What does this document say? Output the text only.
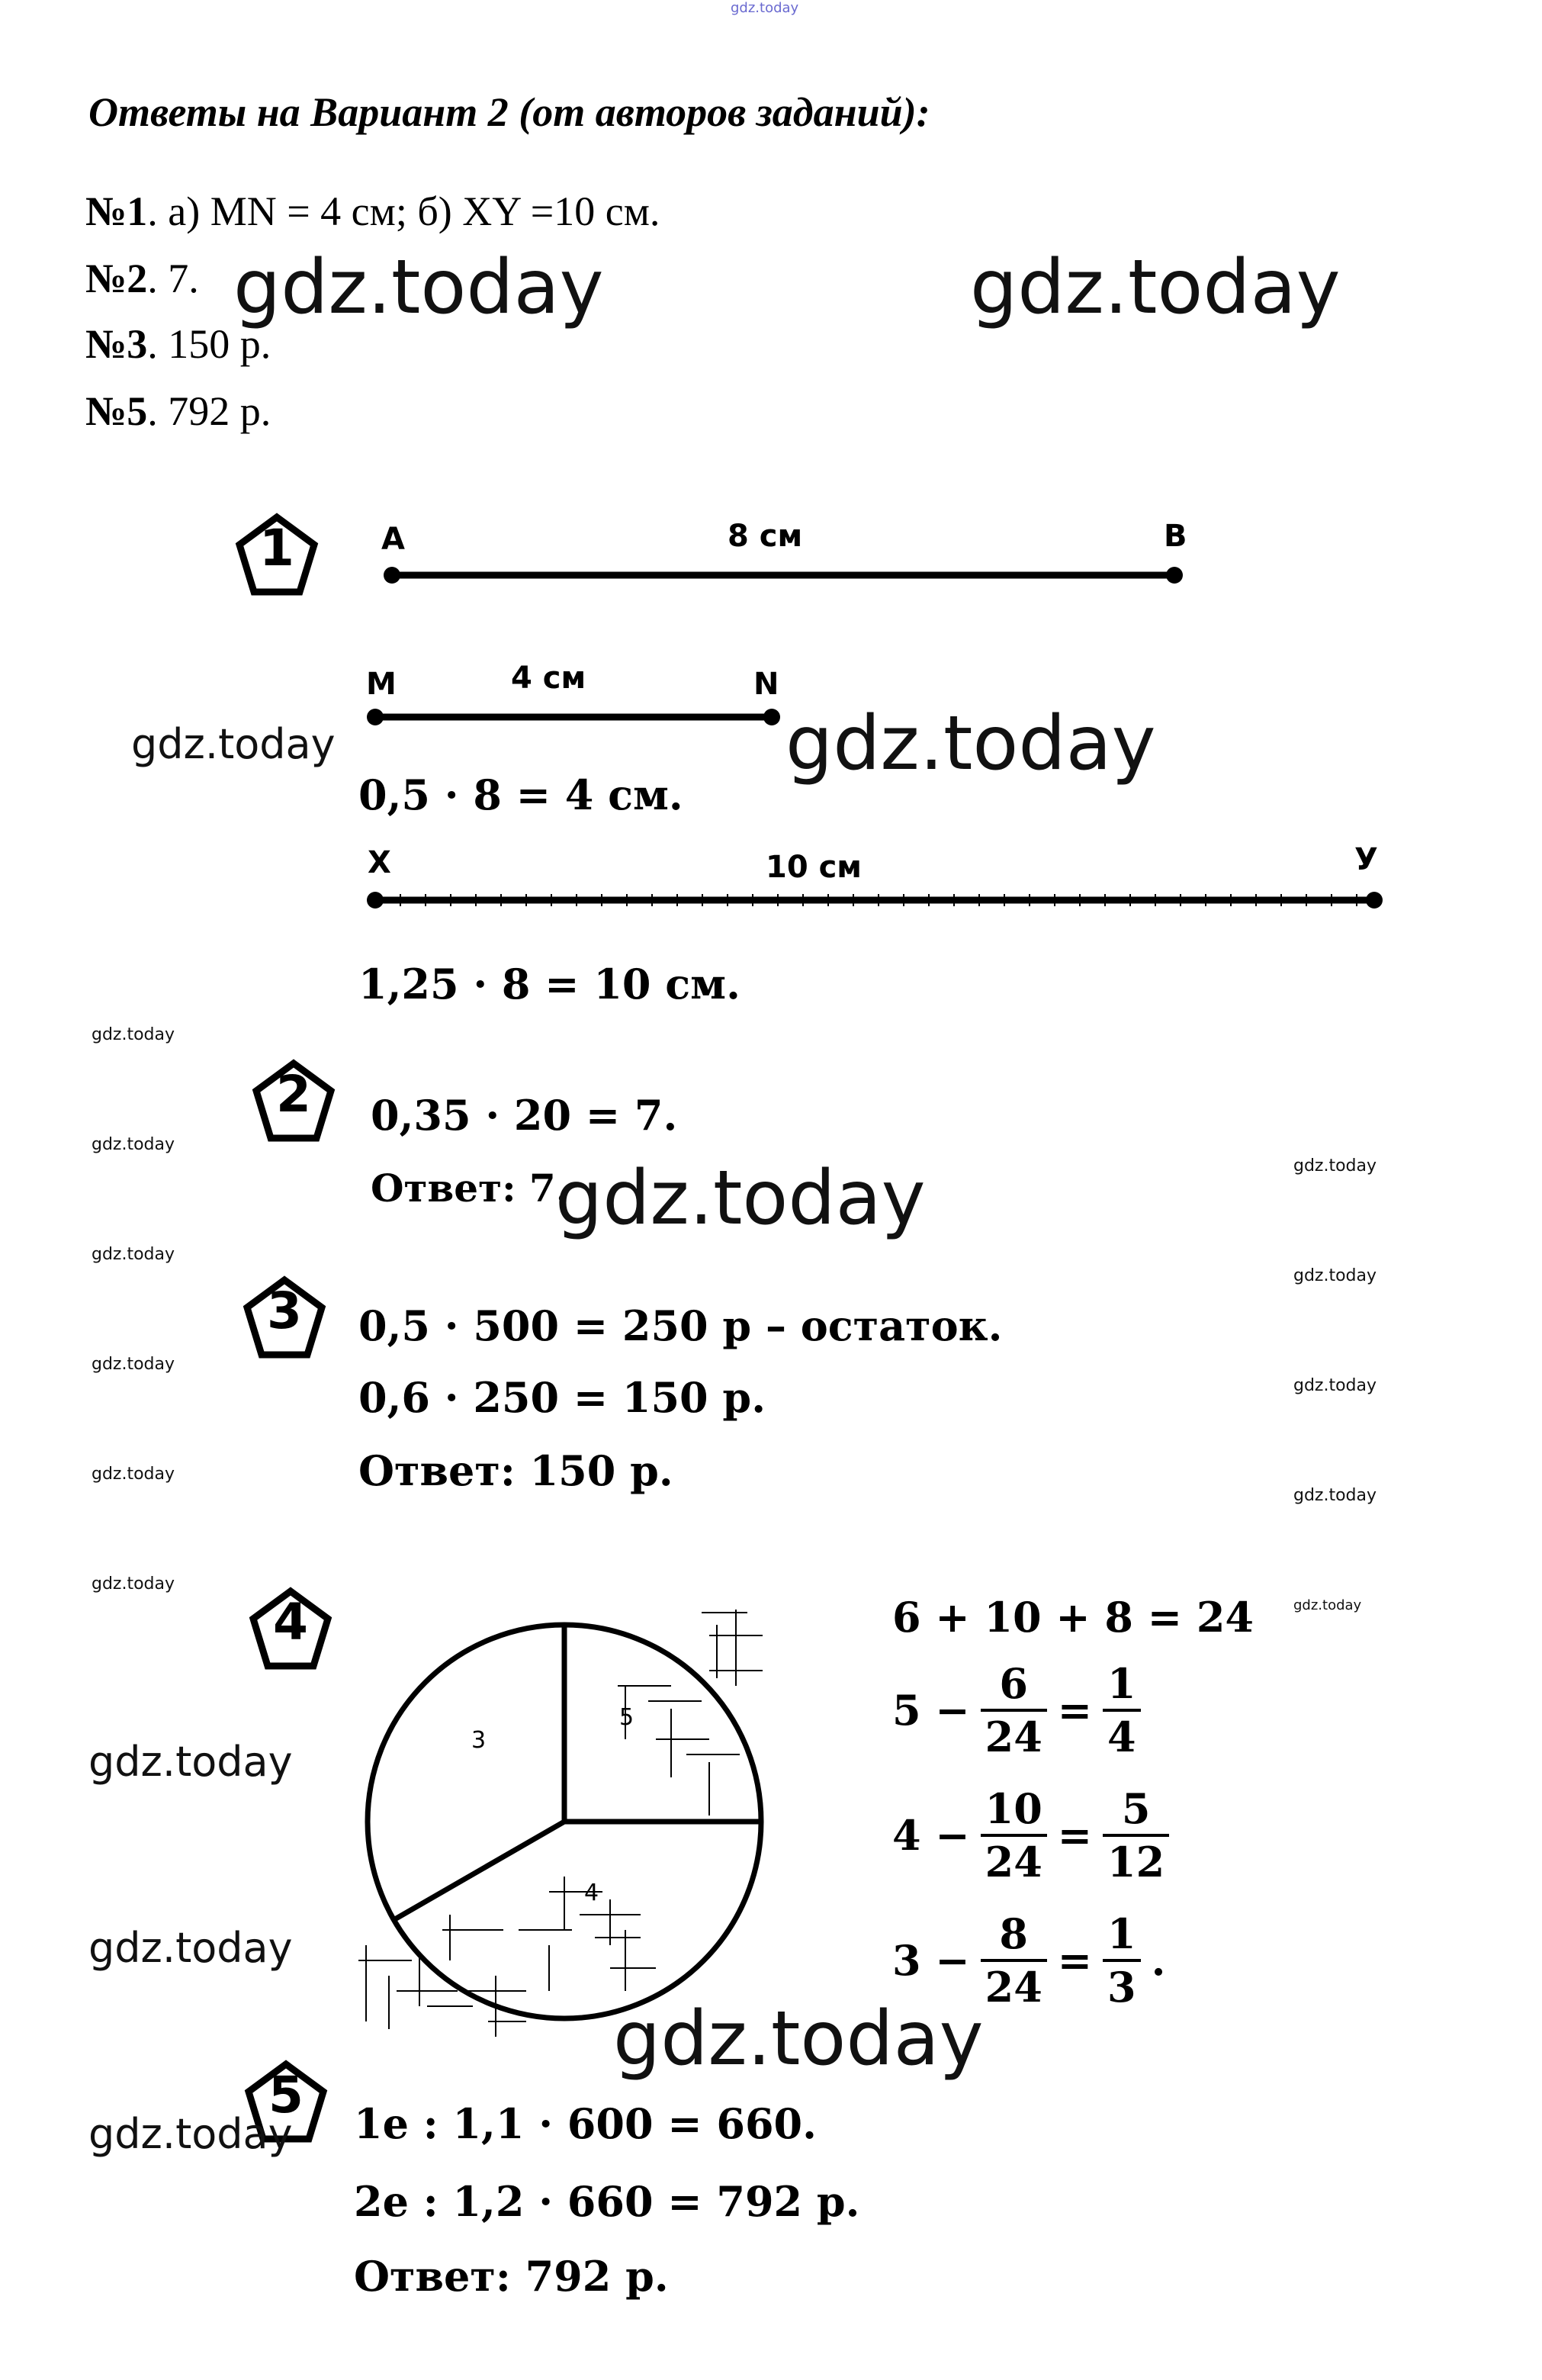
gdz.today
Ответы на Вариант 2 (от авторов заданий):
№1. а) MN = 4 см; б) XY =10 см.
№2. 7.
№3. 150 р.
№5. 792 р.
gdz.today	gdz.today
1
2
3
4
5
A	8 см	B
M	4 см	N
gdz.today	gdz.today
0,5 · 8 = 4 см.
X	10 см	У
1,25 · 8 = 10 см.
gdz.today
gdz.today
gdz.today
gdz.today
gdz.today
gdz.today
gdz.today
gdz.today
gdz.today
gdz.today
gdz.today
0,35 · 20 = 7.
Ответ: 7.
gdz.today
0,5 · 500 = 250 р – остаток.
0,6 · 250 = 150 р.
Ответ: 150 р.
3
5
4
gdz.today
gdz.today
gdz.today
6 + 10 + 8 = 24
$5 - \frac{6}{24} = \frac{1}{4}$
$4 - \frac{10}{24} = \frac{5}{12}$
$3 - \frac{8}{24} = \frac{1}{3}$ .
gdz.today
1е : 1,1 · 600 = 660.
2е : 1,2 · 660 = 792 р.
Ответ: 792 р.
